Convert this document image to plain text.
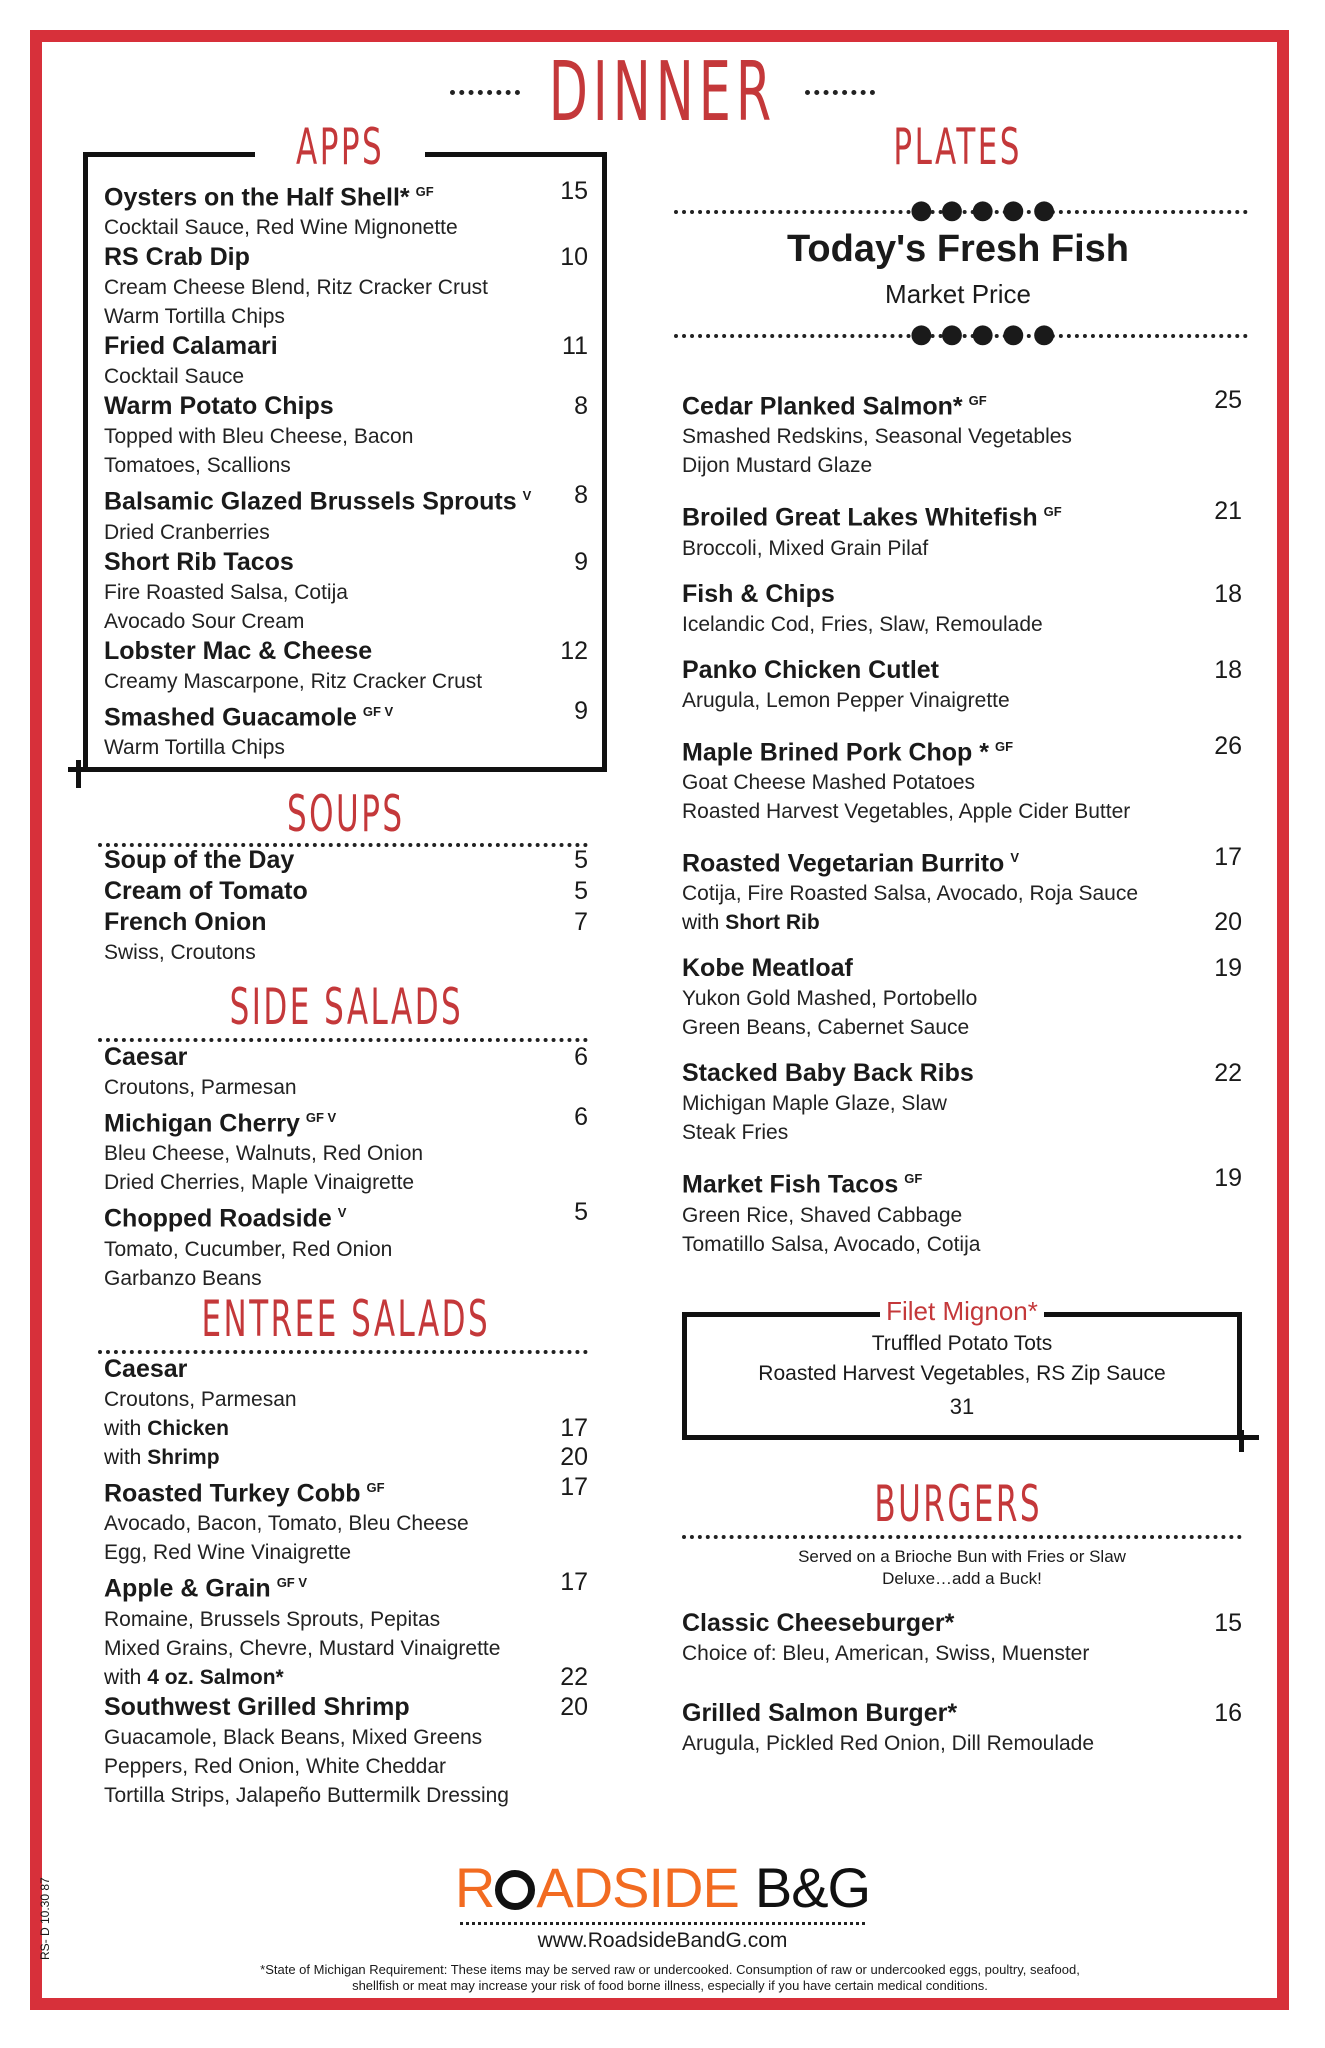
DINNER
APPS
Oysters on the Half Shell* $^{GF}$	15
Cocktail Sauce, Red Wine Mignonette
RS Crab Dip	10
Cream Cheese Blend, Ritz Cracker Crust
Warm Tortilla Chips
Fried Calamari	11
Cocktail Sauce
Warm Potato Chips	8
Topped with Bleu Cheese, Bacon
Tomatoes, Scallions
Balsamic Glazed Brussels Sprouts $^V$	8
Dried Cranberries
Short Rib Tacos	9
Fire Roasted Salsa, Cotija
Avocado Sour Cream
Lobster Mac & Cheese	12
Creamy Mascarpone, Ritz Cracker Crust
Smashed Guacamole $^{GF V}$	9
Warm Tortilla Chips
SOUPS
Soup of the Day	5
Cream of Tomato	5
French Onion	7
Swiss, Croutons
SIDE SALADS
Caesar	6
Croutons, Parmesan
Michigan Cherry $^{GF V}$	6
Bleu Cheese, Walnuts, Red Onion
Dried Cherries, Maple Vinaigrette
Chopped Roadside $^V$	5
Tomato, Cucumber, Red Onion
Garbanzo Beans
ENTREE SALADS
Caesar
Croutons, Parmesan
with Chicken	17
with Shrimp	20
Roasted Turkey Cobb $^{GF}$	17
Avocado, Bacon, Tomato, Bleu Cheese
Egg, Red Wine Vinaigrette
Apple & Grain $^{GF V}$	17
Romaine, Brussels Sprouts, Pepitas
Mixed Grains, Chevre, Mustard Vinaigrette
with 4 oz. Salmon*	22
Southwest Grilled Shrimp	20
Guacamole, Black Beans, Mixed Greens
Peppers, Red Onion, White Cheddar
Tortilla Strips, Jalapeño Buttermilk Dressing
PLATES
●●●●●
Today's Fresh Fish
Market Price
●●●●●
Cedar Planked Salmon* $^{GF}$	25
Smashed Redskins, Seasonal Vegetables
Dijon Mustard Glaze
Broiled Great Lakes Whitefish $^{GF}$	21
Broccoli, Mixed Grain Pilaf
Fish & Chips	18
Icelandic Cod, Fries, Slaw, Remoulade
Panko Chicken Cutlet	18
Arugula, Lemon Pepper Vinaigrette
Maple Brined Pork Chop * $^{GF}$	26
Goat Cheese Mashed Potatoes
Roasted Harvest Vegetables, Apple Cider Butter
Roasted Vegetarian Burrito $^V$	17
Cotija, Fire Roasted Salsa, Avocado, Roja Sauce
with Short Rib	20
Kobe Meatloaf	19
Yukon Gold Mashed, Portobello
Green Beans, Cabernet Sauce
Stacked Baby Back Ribs	22
Michigan Maple Glaze, Slaw
Steak Fries
Market Fish Tacos $^{GF}$	19
Green Rice, Shaved Cabbage
Tomatillo Salsa, Avocado, Cotija
Filet Mignon*
Truffled Potato Tots
Roasted Harvest Vegetables, RS Zip Sauce
31
BURGERS
Served on a Brioche Bun with Fries or Slaw
Deluxe…add a Buck!
Classic Cheeseburger*	15
Choice of: Bleu, American, Swiss, Muenster
Grilled Salmon Burger*	16
Arugula, Pickled Red Onion, Dill Remoulade
R ADSIDE B&G
www.RoadsideBandG.com
*State of Michigan Requirement: These items may be served raw or undercooked. Consumption of raw or undercooked eggs, poultry, seafood, shellfish or meat may increase your risk of food borne illness, especially if you have certain medical conditions.
RS- D 10.30 87
